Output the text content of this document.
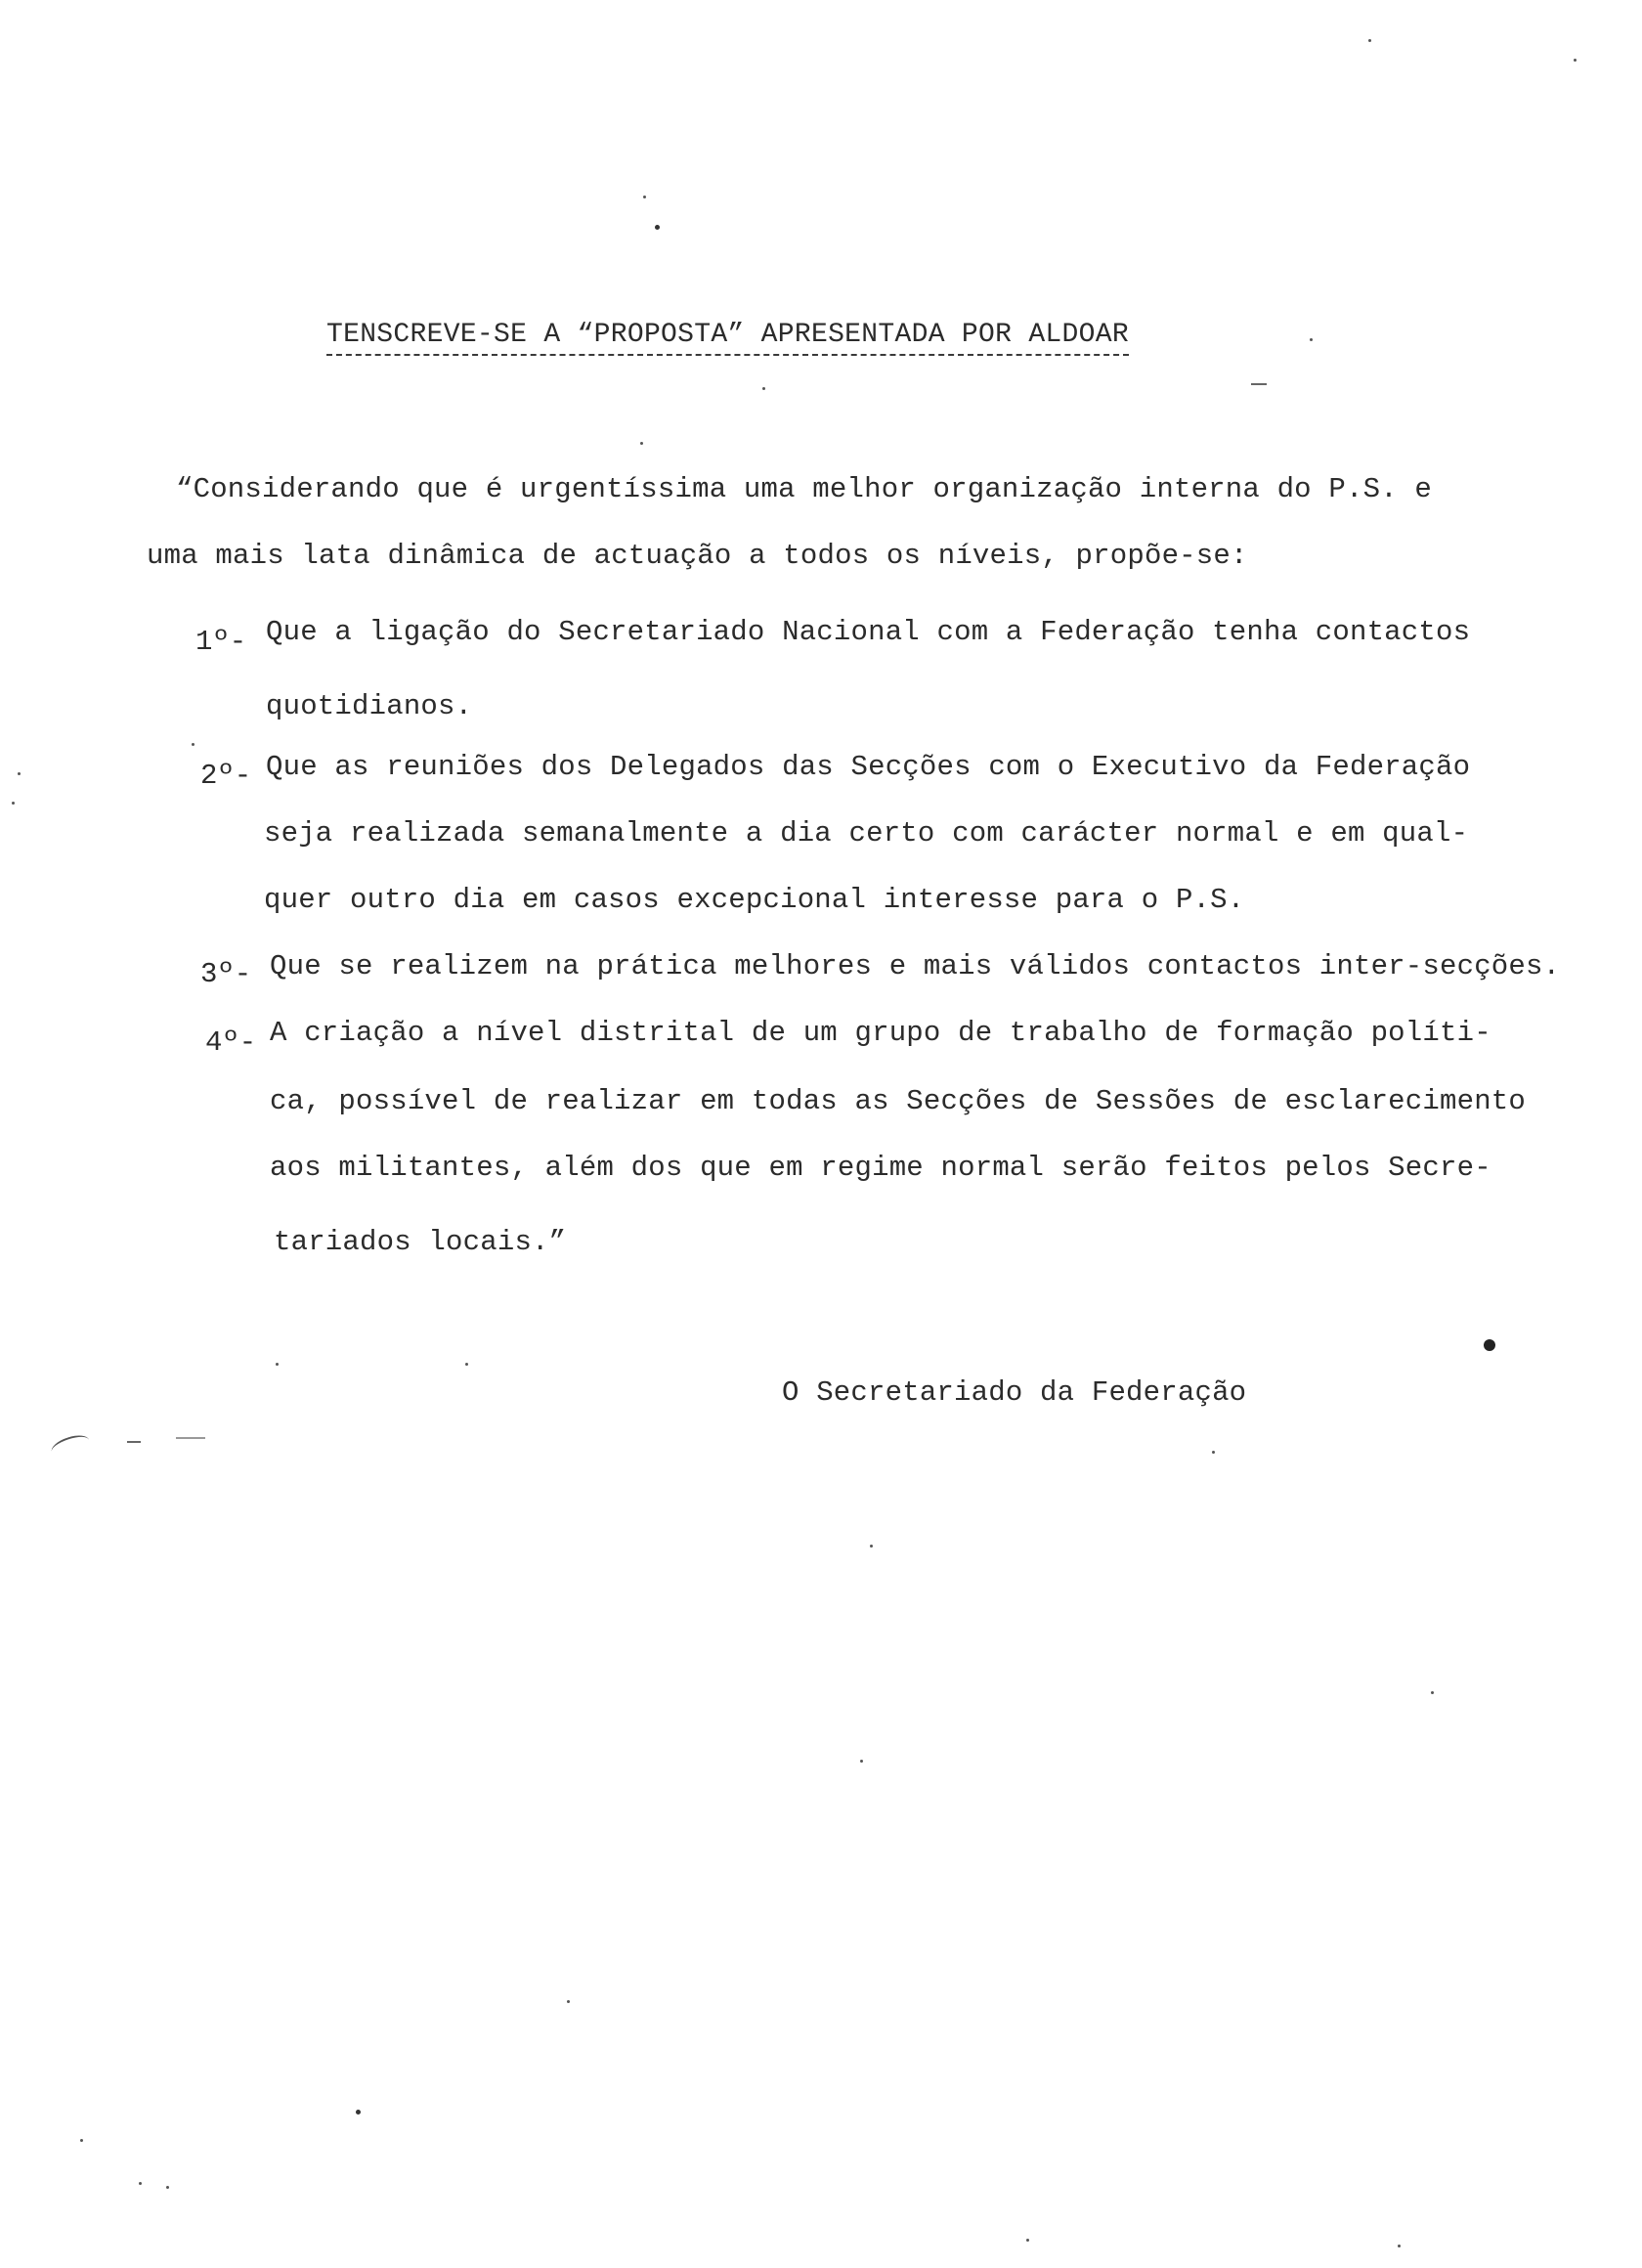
TENSCREVE-SE A “PROPOSTA” APRESENTADA POR ALDOAR
“Considerando que é urgentíssima uma melhor organização interna do P.S. e
uma mais lata dinâmica de actuação a todos os níveis, propõe-se:
1º- Que a ligação do Secretariado Nacional com a Federação tenha contactos
quotidianos.
2º- Que as reuniões dos Delegados das Secções com o Executivo da Federação
seja realizada semanalmente a dia certo com carácter normal e em qual-
quer outro dia em casos excepcional interesse para o P.S.
3º- Que se realizem na prática melhores e mais válidos contactos inter-secções.
4º- A criação a nível distrital de um grupo de trabalho de formação políti-
ca, possível de realizar em todas as Secções de Sessões de esclarecimento
aos militantes, além dos que em regime normal serão feitos pelos Secre-
tariados locais.”
O Secretariado da Federação
